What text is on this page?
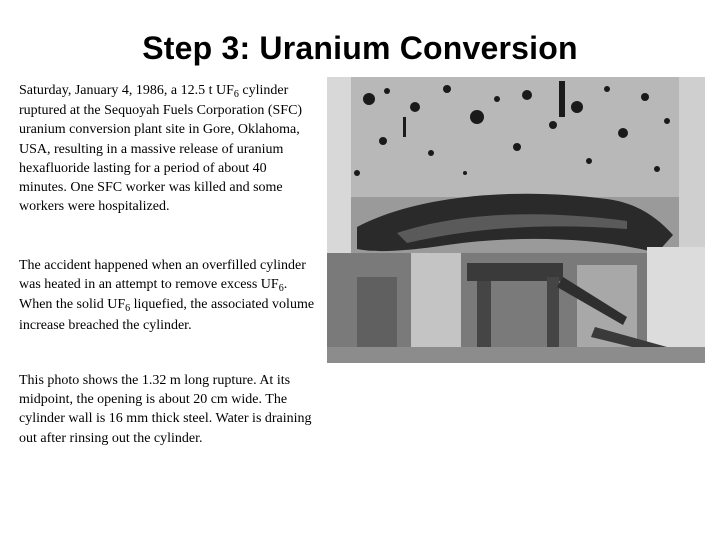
Step 3: Uranium Conversion

Saturday, January 4, 1986, a 12.5 t $UF_6$ cylinder ruptured at the Sequoyah Fuels Corporation (SFC) uranium conversion plant site in Gore, Oklahoma, USA, resulting in a massive release of uranium hexafluoride lasting for a period of about 40 minutes. One SFC worker was killed and some workers were hospitalized.

The accident happened when an overfilled cylinder was heated in an attempt to remove excess $UF_6$. When the solid $UF_6$ liquefied, the associated volume increase breached the cylinder.

This photo shows the 1.32 m long rupture. At its midpoint, the opening is about 20 cm wide. The cylinder wall is 16 mm thick steel. Water is draining out after rinsing out the cylinder.
